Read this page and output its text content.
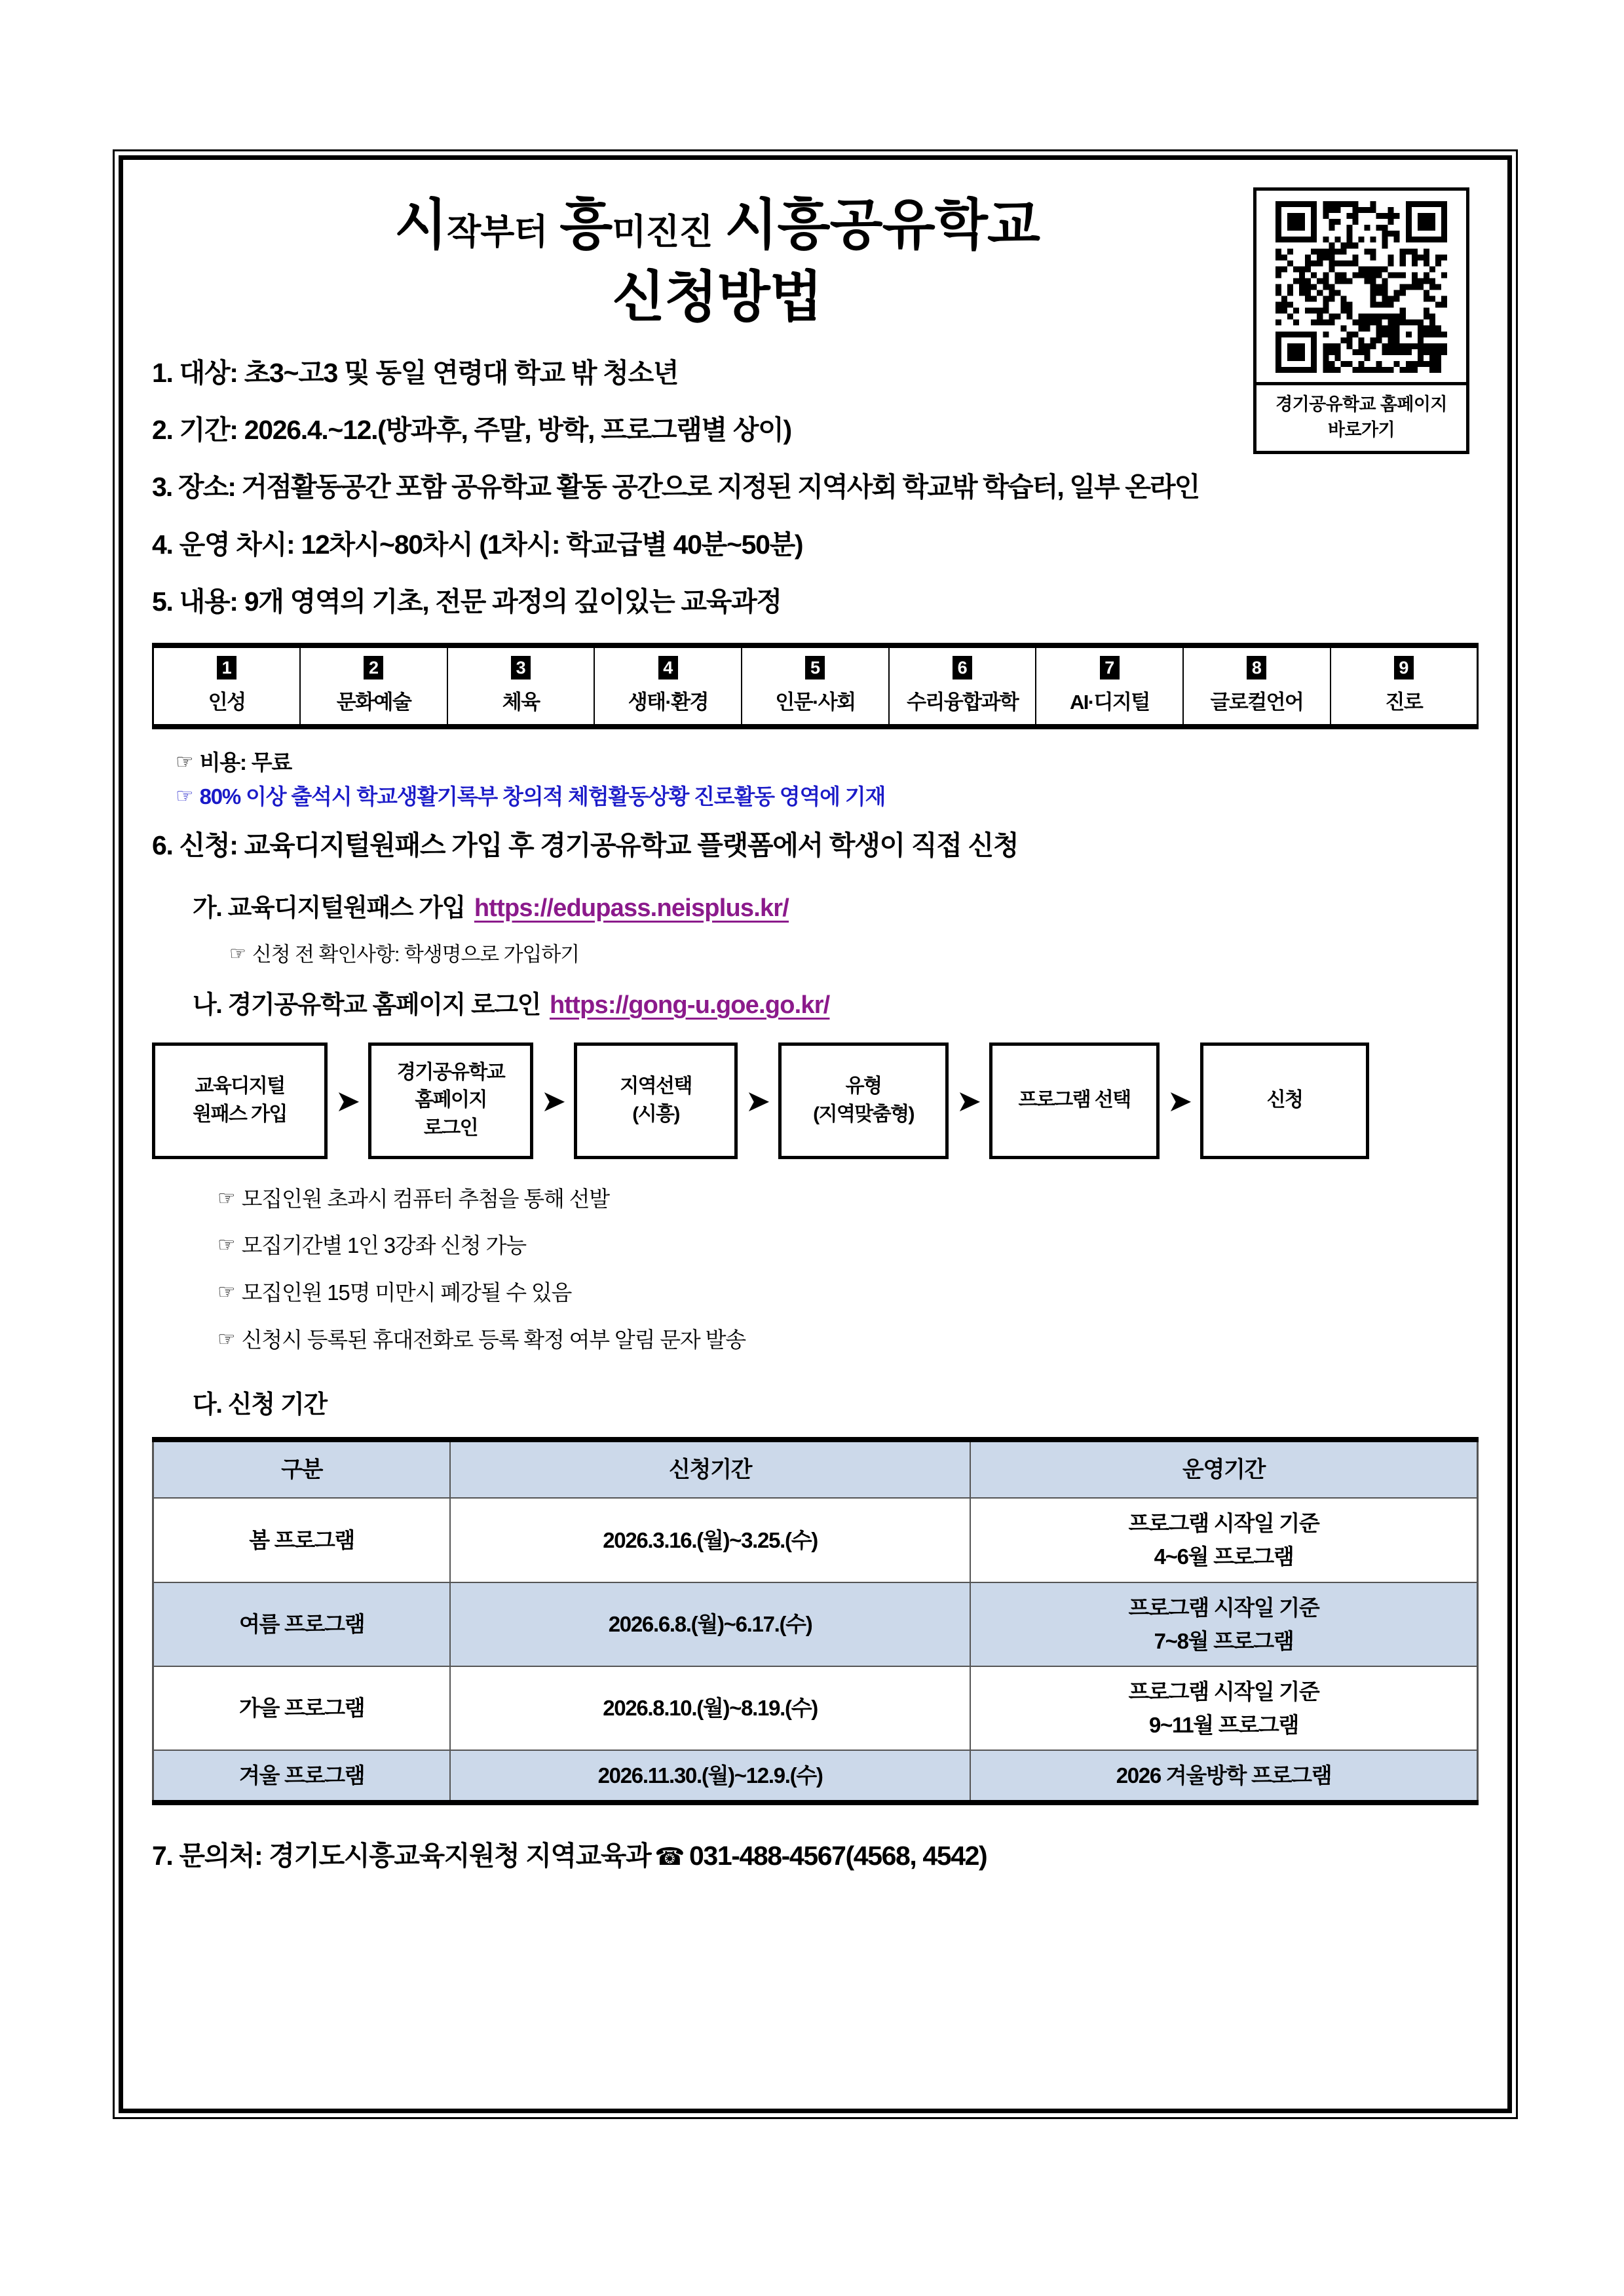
시작부터 흥미진진 시흥공유학교
신청방법
경기공유학교 홈페이지
바로가기
1. 대상: 초3~고3 및 동일 연령대 학교 밖 청소년
2. 기간: 2026.4.~12.(방과후, 주말, 방학, 프로그램별 상이)
3. 장소: 거점활동공간 포함 공유학교 활동 공간으로 지정된 지역사회 학교밖 학습터, 일부 온라인
4. 운영 차시: 12차시~80차시 (1차시: 학교급별 40분~50분)
5. 내용: 9개 영역의 기초, 전문 과정의 깊이있는 교육과정
1
인성
	2
문화예술
	3
체육
	4
생태·환경
	5
인문·사회
	6
수리융합과학
	7
AI·디지털
	8
글로컬언어
	9
진로
☞ 비용: 무료
☞ 80% 이상 출석시 학교생활기록부 창의적 체험활동상황 진로활동 영역에 기재
6. 신청: 교육디지털원패스 가입 후 경기공유학교 플랫폼에서 학생이 직접 신청
가. 교육디지털원패스 가입 https://edupass.neisplus.kr/
☞ 신청 전 확인사항: 학생명으로 가입하기
나. 경기공유학교 홈페이지 로그인 https://gong-u.goe.go.kr/
교육디지털
원패스 가입 ➤
경기공유학교
홈페이지
로그인
➤	지역선택
(시흥) ➤	유형
(지역맞춤형) ➤	프로그램 선택 ➤	신청
☞ 모집인원 초과시 컴퓨터 추첨을 통해 선발
☞ 모집기간별 1인 3강좌 신청 가능
☞ 모집인원 15명 미만시 폐강될 수 있음
☞ 신청시 등록된 휴대전화로 등록 확정 여부 알림 문자 발송
다. 신청 기간
구분	신청기간	운영기간
봄 프로그램	2026.3.16.(월)~3.25.(수)	프로그램 시작일 기준
4~6월 프로그램

여름 프로그램	2026.6.8.(월)~6.17.(수)	프로그램 시작일 기준
7~8월 프로그램

가을 프로그램	2026.8.10.(월)~8.19.(수)	프로그램 시작일 기준
9~11월 프로그램

겨울 프로그램	2026.11.30.(월)~12.9.(수)	2026 겨울방학 프로그램
7. 문의처: 경기도시흥교육지원청 지역교육과 ☎ 031-488-4567(4568, 4542)
